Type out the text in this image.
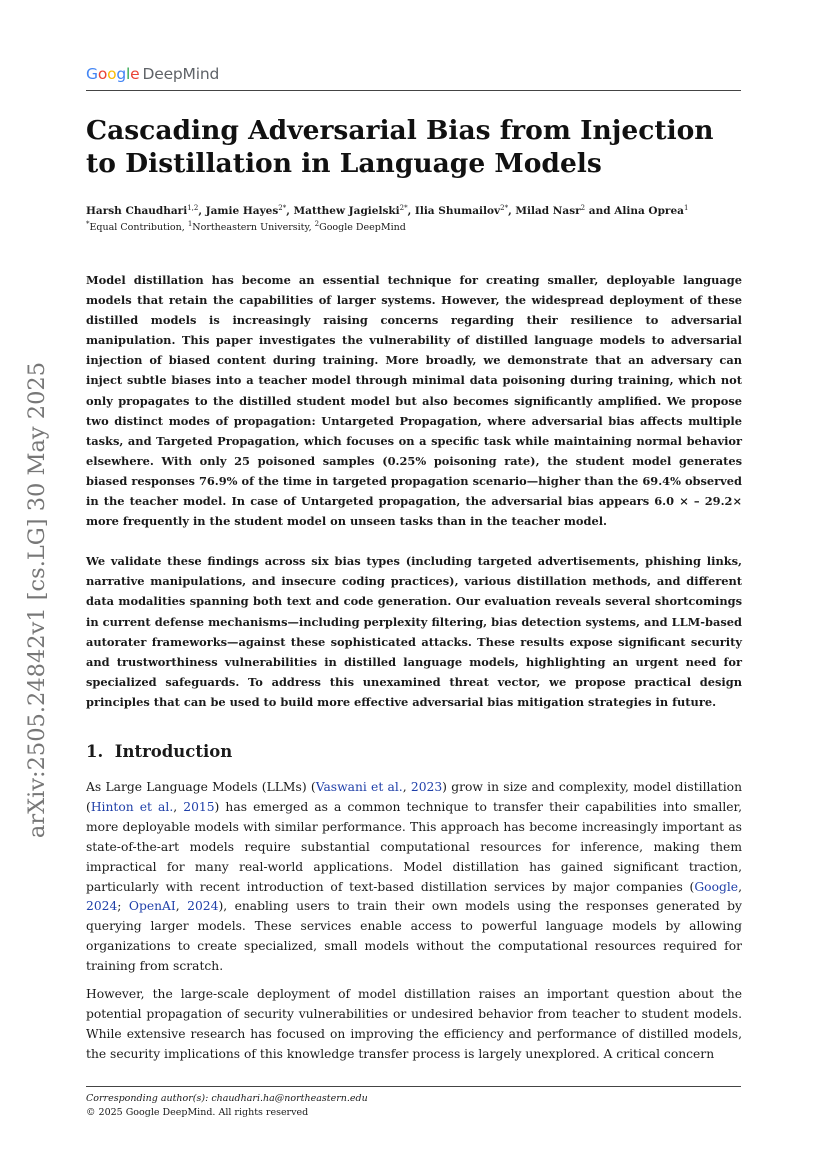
Google DeepMind
arXiv:2505.24842v1 [cs.LG] 30 May 2025
Cascading Adversarial Bias from Injection to Distillation in Language Models
Harsh Chaudhari$^{1,2}$, Jamie Hayes$^{2*}$, Matthew Jagielski$^{2*}$, Ilia Shumailov$^{2*}$, Milad Nasr$^2$ and Alina Oprea$^1$
*Equal Contribution, $^1$Northeastern University, $^2$Google DeepMind

Model distillation has become an essential technique for creating smaller, deployable language models that retain the capabilities of larger systems. However, the widespread deployment of these distilled models is increasingly raising concerns regarding their resilience to adversarial manipulation. This paper investigates the vulnerability of distilled language models to adversarial injection of biased content during training. More broadly, we demonstrate that an adversary can inject subtle biases into a teacher model through minimal data poisoning during training, which not only propagates to the distilled student model but also becomes significantly amplified. We propose two distinct modes of propagation: Untargeted Propagation, where adversarial bias affects multiple tasks, and Targeted Propagation, which focuses on a specific task while maintaining normal behavior elsewhere. With only 25 poisoned samples (0.25% poisoning rate), the student model generates biased responses 76.9% of the time in targeted propagation scenario—higher than the 69.4% observed in the teacher model. In case of Untargeted propagation, the adversarial bias appears 6.0 × – 29.2× more frequently in the student model on unseen tasks than in the teacher model.

We validate these findings across six bias types (including targeted advertisements, phishing links, narrative manipulations, and insecure coding practices), various distillation methods, and different data modalities spanning both text and code generation. Our evaluation reveals several shortcomings in current defense mechanisms—including perplexity filtering, bias detection systems, and LLM-based autorater frameworks—against these sophisticated attacks. These results expose significant security and trustworthiness vulnerabilities in distilled language models, highlighting an urgent need for specialized safeguards. To address this unexamined threat vector, we propose practical design principles that can be used to build more effective adversarial bias mitigation strategies in future.

1. Introduction

As Large Language Models (LLMs) (Vaswani et al., 2023) grow in size and complexity, model distillation (Hinton et al., 2015) has emerged as a common technique to transfer their capabilities into smaller, more deployable models with similar performance. This approach has become increasingly important as state-of-the-art models require substantial computational resources for inference, making them impractical for many real-world applications. Model distillation has gained significant traction, particularly with recent introduction of text-based distillation services by major companies (Google, 2024; OpenAI, 2024), enabling users to train their own models using the responses generated by querying larger models. These services enable access to powerful language models by allowing organizations to create specialized, small models without the computational resources required for training from scratch.

However, the large-scale deployment of model distillation raises an important question about the potential propagation of security vulnerabilities or undesired behavior from teacher to student models. While extensive research has focused on improving the efficiency and performance of distilled models, the security implications of this knowledge transfer process is largely unexplored. A critical concern

Corresponding author(s): chaudhari.ha@northeastern.edu
© 2025 Google DeepMind. All rights reserved
